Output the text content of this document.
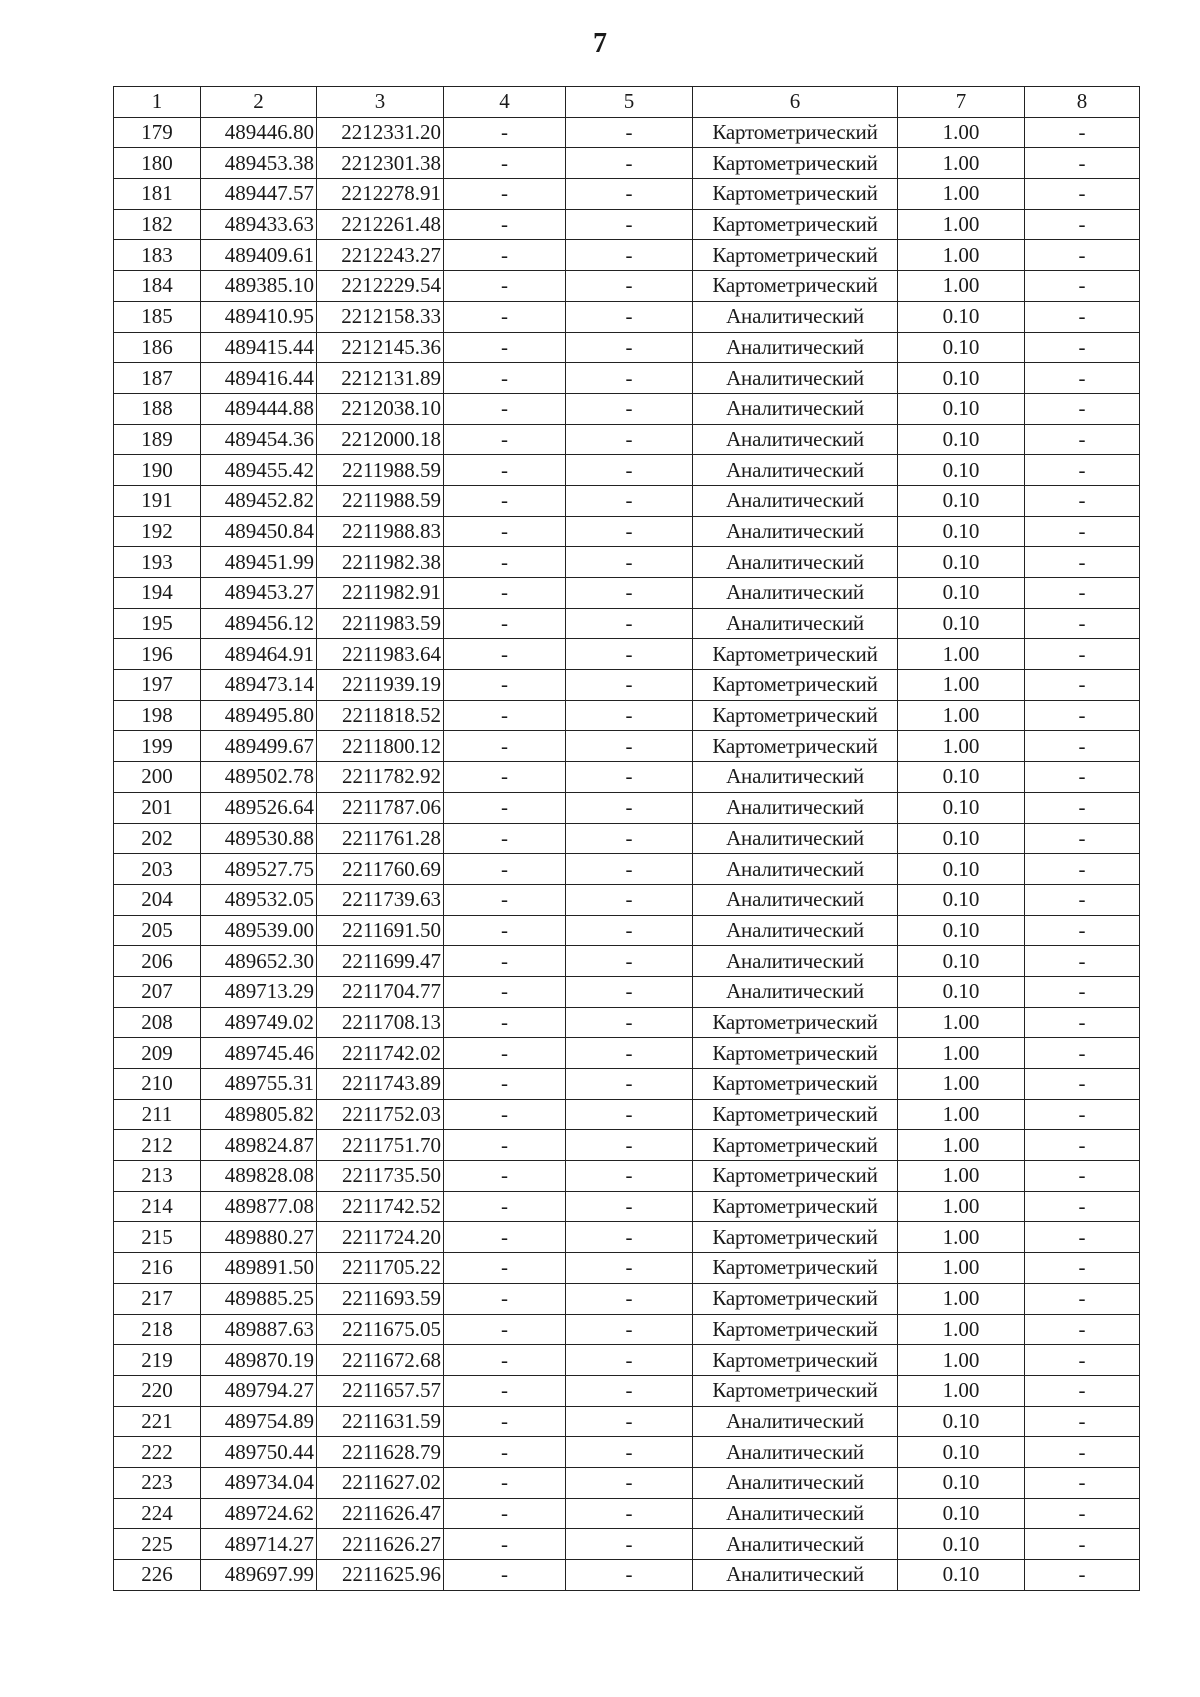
7
1	2	3	4	5	6	7	8
179	489446.80	2212331.20	-	-	Картометрический	1.00	-
180	489453.38	2212301.38	-	-	Картометрический	1.00	-
181	489447.57	2212278.91	-	-	Картометрический	1.00	-
182	489433.63	2212261.48	-	-	Картометрический	1.00	-
183	489409.61	2212243.27	-	-	Картометрический	1.00	-
184	489385.10	2212229.54	-	-	Картометрический	1.00	-
185	489410.95	2212158.33	-	-	Аналитический	0.10	-
186	489415.44	2212145.36	-	-	Аналитический	0.10	-
187	489416.44	2212131.89	-	-	Аналитический	0.10	-
188	489444.88	2212038.10	-	-	Аналитический	0.10	-
189	489454.36	2212000.18	-	-	Аналитический	0.10	-
190	489455.42	2211988.59	-	-	Аналитический	0.10	-
191	489452.82	2211988.59	-	-	Аналитический	0.10	-
192	489450.84	2211988.83	-	-	Аналитический	0.10	-
193	489451.99	2211982.38	-	-	Аналитический	0.10	-
194	489453.27	2211982.91	-	-	Аналитический	0.10	-
195	489456.12	2211983.59	-	-	Аналитический	0.10	-
196	489464.91	2211983.64	-	-	Картометрический	1.00	-
197	489473.14	2211939.19	-	-	Картометрический	1.00	-
198	489495.80	2211818.52	-	-	Картометрический	1.00	-
199	489499.67	2211800.12	-	-	Картометрический	1.00	-
200	489502.78	2211782.92	-	-	Аналитический	0.10	-
201	489526.64	2211787.06	-	-	Аналитический	0.10	-
202	489530.88	2211761.28	-	-	Аналитический	0.10	-
203	489527.75	2211760.69	-	-	Аналитический	0.10	-
204	489532.05	2211739.63	-	-	Аналитический	0.10	-
205	489539.00	2211691.50	-	-	Аналитический	0.10	-
206	489652.30	2211699.47	-	-	Аналитический	0.10	-
207	489713.29	2211704.77	-	-	Аналитический	0.10	-
208	489749.02	2211708.13	-	-	Картометрический	1.00	-
209	489745.46	2211742.02	-	-	Картометрический	1.00	-
210	489755.31	2211743.89	-	-	Картометрический	1.00	-
211	489805.82	2211752.03	-	-	Картометрический	1.00	-
212	489824.87	2211751.70	-	-	Картометрический	1.00	-
213	489828.08	2211735.50	-	-	Картометрический	1.00	-
214	489877.08	2211742.52	-	-	Картометрический	1.00	-
215	489880.27	2211724.20	-	-	Картометрический	1.00	-
216	489891.50	2211705.22	-	-	Картометрический	1.00	-
217	489885.25	2211693.59	-	-	Картометрический	1.00	-
218	489887.63	2211675.05	-	-	Картометрический	1.00	-
219	489870.19	2211672.68	-	-	Картометрический	1.00	-
220	489794.27	2211657.57	-	-	Картометрический	1.00	-
221	489754.89	2211631.59	-	-	Аналитический	0.10	-
222	489750.44	2211628.79	-	-	Аналитический	0.10	-
223	489734.04	2211627.02	-	-	Аналитический	0.10	-
224	489724.62	2211626.47	-	-	Аналитический	0.10	-
225	489714.27	2211626.27	-	-	Аналитический	0.10	-
226	489697.99	2211625.96	-	-	Аналитический	0.10	-
